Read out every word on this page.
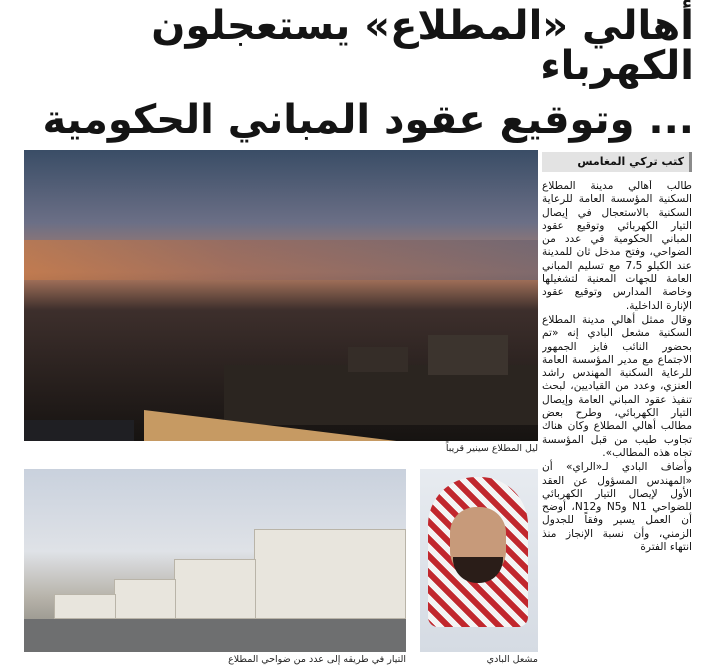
أهالي «المطلاع» يستعجلون الكهرباء
... وتوقيع عقود المباني الحكومية
كتب تركي المغامس

طالب أهالي مدينة المطلاع السكنية المؤسسة العامة للرعاية السكنية بالاستعجال في إيصال التيار الكهربائي وتوقيع عقود المباني الحكومية في عدد من الضواحي، وفتح مدخل ثان للمدينة عند الكيلو 7،5 مع تسليم المباني العامة للجهات المعنية لتشغيلها وخاصة المدارس وتوقيع عقود الإنارة الداخلية.

وقال ممثل أهالي مدينة المطلاع السكنية مشعل البادي إنه «تم بحضور النائب فايز الجمهور الاجتماع مع مدير المؤسسة العامة للرعاية السكنية المهندس راشد العنزي، وعدد من القياديين، لبحث تنفيذ عقود المباني العامة وإيصال التيار الكهربائي، وطرح بعض مطالب أهالي المطلاع وكان هناك تجاوب طيب من قبل المؤسسة تجاه هذه المطالب».

وأضاف البادي لـ«الراي» أن «المهندس المسؤول عن العقد الأول لإيصال التيار الكهربائي للضواحي N1 وN5 وN12، أوضح أن العمل يسير وفقاً للجدول الزمني، وأن نسبة الإنجاز منذ انتهاء الفترة

ليل المطلاع سينير قريباً
التيار في طريقه إلى عدد من ضواحي المطلاع	مشعل البادي
